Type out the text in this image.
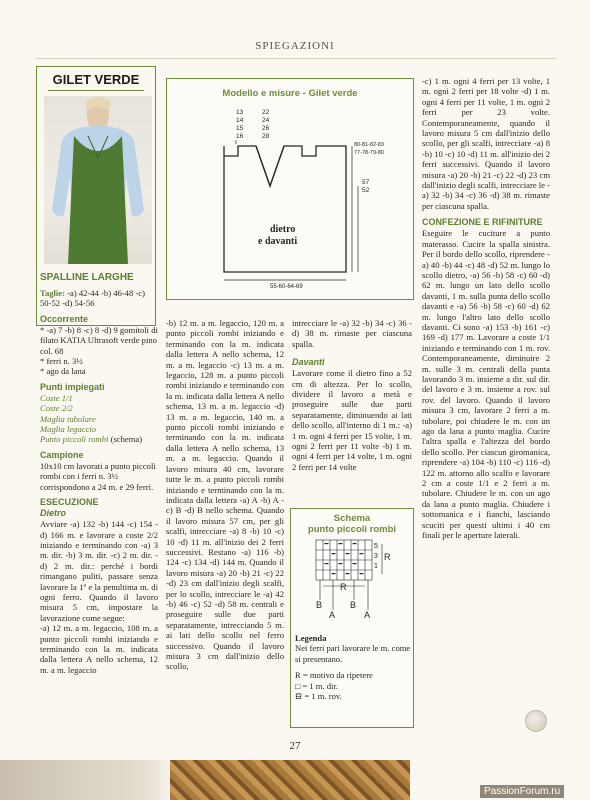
SPIEGAZIONI
GILET VERDE

SPALLINE LARGHE

Taglie: -a) 42-44 -b) 46-48 -c) 50-52 -d) 54-56

Occorrente

* -a) 7 -b) 8 -c) 8 -d) 9 gomitoli di filato KATIA Ultrasoft verde pino col. 68

* ferri n. 3½

* ago da lana

Punti impiegati

Coste 1/1

Coste 2/2

Maglia tubolare

Maglia legaccio

Punto piccoli rombi (schema)

Campione

10x10 cm lavorati a punto piccoli rombi con i ferri n. 3½ corrispondono a 24 m. e 29 ferri.

ESECUZIONE

Dietro

Avviare -a) 132 -b) 144 -c) 154 -d) 166 m. e lavorare a coste 2/2 iniziando e terminando con -a) 3 m. dir. -b) 3 m. dir. -c) 2 m. dir. -d) 2 m. dir.: perché i bordi rimangano puliti, passare senza lavorare la 1ª e la penultima m. di ogni ferro. Quando il lavoro misura 5 cm, impostare la lavorazione come segue:

-a) 12 m. a m. legaccio, 108 m. a punto piccoli rombi iniziando e terminando con la m. indicata dalla lettera A nello schema, 12 m. a m. legaccio

Modello e misure - Gilet verde
13
14
15
16
22
24
26
28
80-81-82-83
77-78-79-80
57
52
55-60-64-69
dietro
e davanti

-b) 12 m. a m. legaccio, 120 m. a punto piccoli rombi iniziando e terminando con la m. indicata dalla lettera A nello schema, 12 m. a m. legaccio -c) 13 m. a m. legaccio, 128 m. a punto piccoli rombi iniziando e terminando con la m. indicata dalla lettera A nello schema, 13 m. a m. legaccio -d) 13 m. a m. legaccio, 140 m. a punto piccoli rombi iniziando e terminando con la m. indicata dalla lettera A nello schema, 13 m. a m. legaccio. Quando il lavoro misura 40 cm, lavorare tutte le m. a punto piccoli rombi iniziando e terminando con la m. indicata dalla lettera -a) A -b) A -c) B -d) B nello schema. Quando il lavoro misura 57 cm, per gli scalfi, intrecciare -a) 8 -b) 10 -c) 10 -d) 11 m. all'inizio dei 2 ferri successivi. Restano -a) 116 -b) 124 -c) 134 -d) 144 m. Quando il lavoro misura -a) 20 -b) 21 -c) 22 -d) 23 cm dall'inizio degli scalfi, per lo scollo, intrecciare le -a) 42 -b) 46 -c) 52 -d) 58 m. centrali e proseguire sulle due parti separatamente, intrecciando 5 m. ai lati dello scollo nel ferro successivo. Quando il lavoro misura 3 cm dall'inizio dello scollo,

intrecciare le -a) 32 -b) 34 -c) 36 -d) 38 m. rimaste per ciascuna spalla.

Davanti

Lavorare come il dietro fino a 52 cm di altezza. Per lo scollo, dividere il lavoro a metà e proseguire sulle due parti separatamente, diminuendo ai lati dello scollo, all'interno di 1 m.: -a) 1 m. ogni 4 ferri per 15 volte, 1 m. ogni 2 ferri per 11 volte -b) 1 m. ogni 4 ferri per 14 volte, 1 m. ogni 2 ferri per 14 volte

Schema
punto piccoli rombi
5
3
1
R
R
B
A
B
A

Legenda

Nei ferri pari lavorare le m. come si presentano.

R = motivo da ripetere

□ = 1 m. dir.

⊟ = 1 m. rov.

-c) 1 m. ogni 4 ferri per 13 volte, 1 m. ogni 2 ferri per 18 volte -d) 1 m. ogni 4 ferri per 11 volte, 1 m. ogni 2 ferri per 23 volte. Contemporaneamente, quando il lavoro misura 5 cm dall'inizio dello scollo, per gli scalfi, intrecciare -a) 8 -b) 10 -c) 10 -d) 11 m. all'inizio dei 2 ferri successivi. Quando il lavoro misura -a) 20 -b) 21 -c) 22 -d) 23 cm dall'inizio degli scalfi, intrecciare le -a) 32 -b) 34 -c) 36 -d) 38 m. rimaste per ciascuna spalla.

CONFEZIONE E RIFINITURE

Eseguire le cuciture a punto materasso. Cucire la spalla sinistra. Per il bordo dello scollo, riprendere -a) 40 -b) 44 -c) 48 -d) 52 m. lungo lo scollo dietro, -a) 56 -b) 58 -c) 60 -d) 62 m. lungo un lato dello scollo davanti, 1 m. sulla punta dello scollo davanti e -a) 56 -b) 58 -c) 60 -d) 62 m. lungo l'altro lato dello scollo davanti. Ci sono -a) 153 -b) 161 -c) 169 -d) 177 m. Lavorare a coste 1/1 iniziando e terminando con 1 m. rov. Contemporaneamente, diminuire 2 m. sulle 3 m. centrali della punta lavorando 3 m. insieme a dir. sul dir. del lavoro e 3 m. insieme a rov. sul rov. del lavoro. Quando il lavoro misura 3 cm, lavorare 2 ferri a m. tubolare, poi chiudere le m. con un ago da lana a punto maglia. Cucire l'altra spalla e l'altezza del bordo dello scollo. Per ciascun giromanica, riprendere -a) 104 -b) 110 -c) 116 -d) 122 m. attorno allo scalfo e lavorare 2 cm a coste 1/1 e 2 ferri a m. tubolare. Chiudere le m. con un ago da lana a punto maglia. Chiudere i sottomanica e i fianchi, lasciando scuciti per questi ultimi i 40 cm finali per le aperture laterali.

27
PassionForum.ru
